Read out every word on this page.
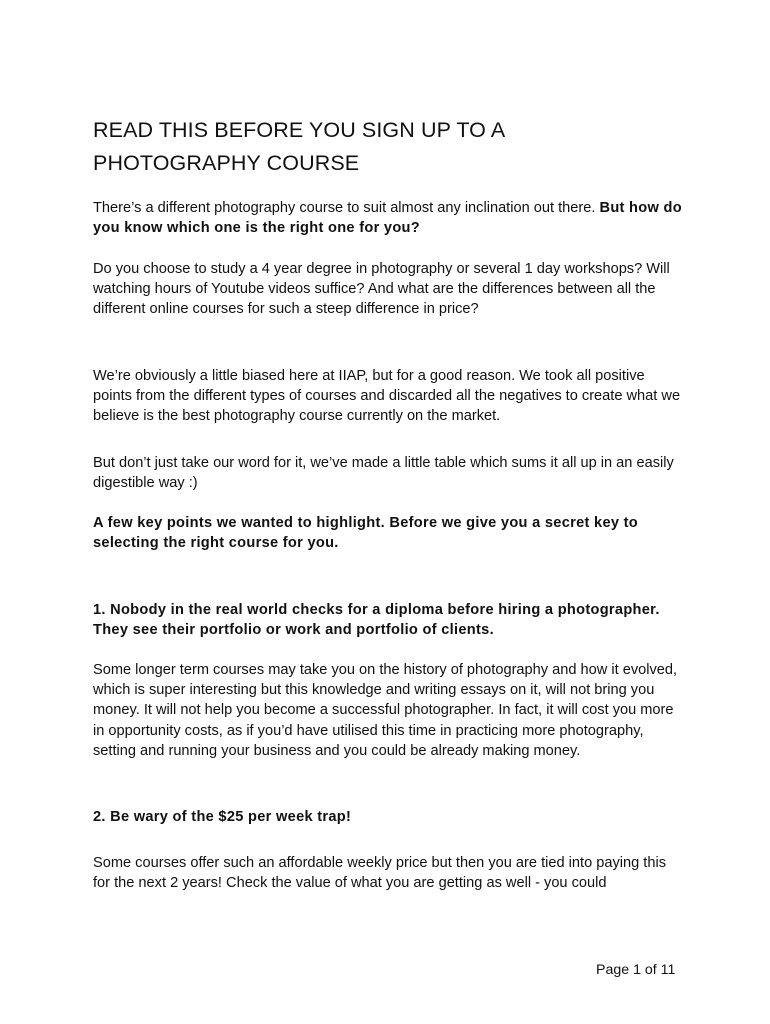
READ THIS BEFORE YOU SIGN UP TO A
PHOTOGRAPHY COURSE

There’s a different photography course to suit almost any inclination out there. But how do you know which one is the right one for you?

Do you choose to study a 4 year degree in photography or several 1 day workshops? Will watching hours of Youtube videos suffice? And what are the differences between all the different online courses for such a steep difference in price?

We’re obviously a little biased here at IIAP, but for a good reason. We took all positive points from the different types of courses and discarded all the negatives to create what we believe is the best photography course currently on the market.

But don’t just take our word for it, we’ve made a little table which sums it all up in an easily digestible way :)

A few key points we wanted to highlight. Before we give you a secret key to selecting the right course for you.

1. Nobody in the real world checks for a diploma before hiring a photographer. They see their portfolio or work and portfolio of clients.

Some longer term courses may take you on the history of photography and how it evolved, which is super interesting but this knowledge and writing essays on it, will not bring you money. It will not help you become a successful photographer. In fact, it will cost you more in opportunity costs, as if you’d have utilised this time in practicing more photography, setting and running your business and you could be already making money.

2. Be wary of the $25 per week trap!

Some courses offer such an affordable weekly price but then you are tied into paying this for the next 2 years! Check the value of what you are getting as well - you could

Page 1 of 11
